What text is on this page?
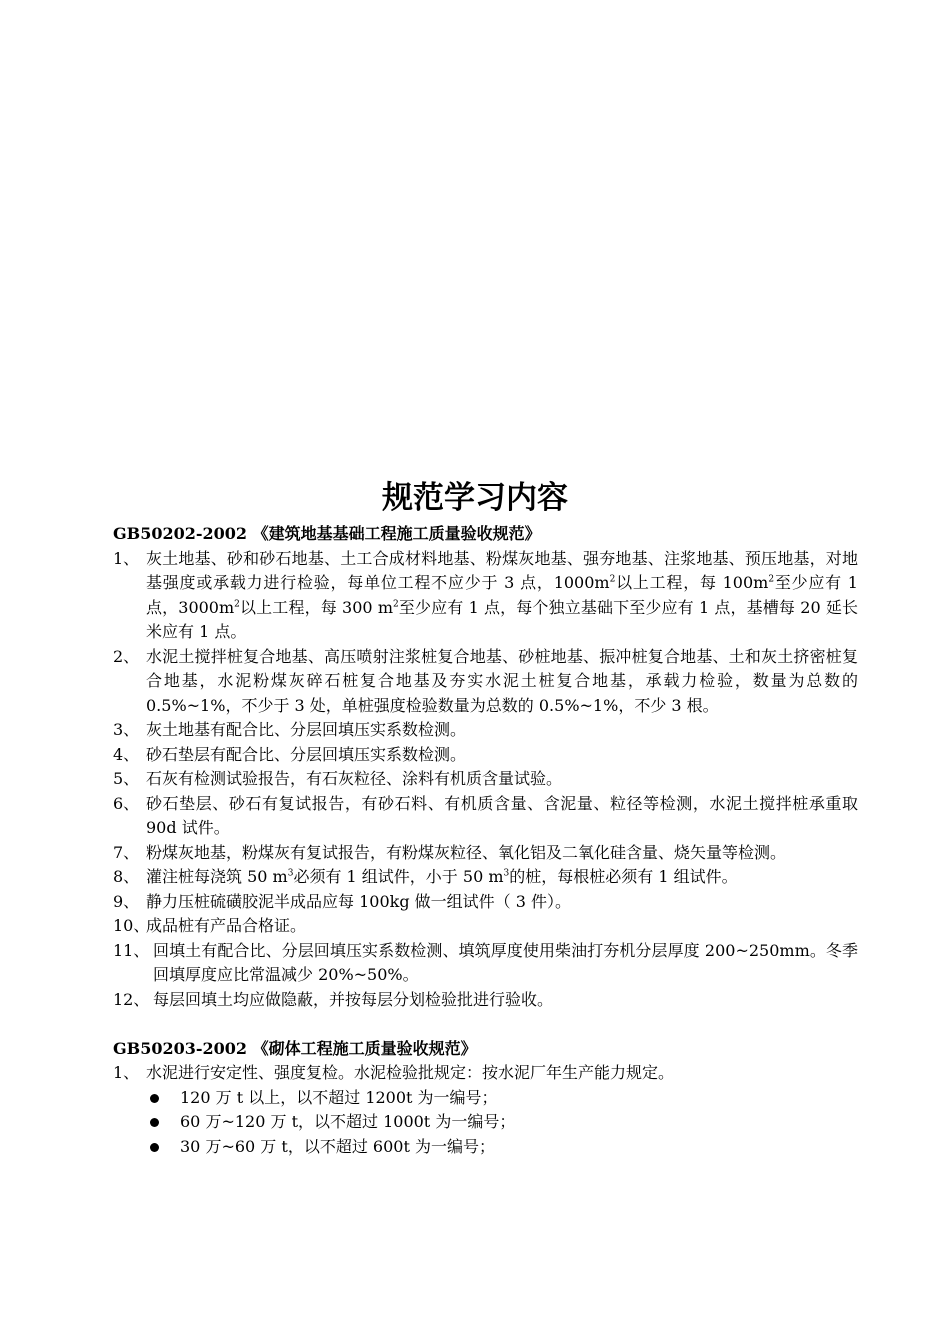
规范学习内容

GB50202-2002 《建筑地基基础工程施工质量验收规范》

1、 灰土地基、砂和砂石地基、土工合成材料地基、粉煤灰地基、强夯地基、注浆地基、预压地基，对地基强度或承载力进行检验，每单位工程不应少于 3 点，$1000m^2$以上工程，每 $100m^2$至少应有 1 点，$3000m^2$以上工程，每 300 $m^2$至少应有 1 点，每个独立基础下至少应有 1 点，基槽每 20 延长米应有 1 点。

2、 水泥土搅拌桩复合地基、高压喷射注浆桩复合地基、砂桩地基、振冲桩复合地基、土和灰土挤密桩复合地基，水泥粉煤灰碎石桩复合地基及夯实水泥土桩复合地基，承载力检验，数量为总数的 0.5%~1%，不少于 3 处，单桩强度检验数量为总数的 0.5%~1%，不少 3 根。

3、 灰土地基有配合比、分层回填压实系数检测。

4、 砂石垫层有配合比、分层回填压实系数检测。

5、 石灰有检测试验报告，有石灰粒径、涂料有机质含量试验。

6、 砂石垫层、砂石有复试报告，有砂石料、有机质含量、含泥量、粒径等检测，水泥土搅拌桩承重取 90d 试件。

7、 粉煤灰地基，粉煤灰有复试报告，有粉煤灰粒径、氧化铝及二氧化硅含量、烧矢量等检测。

8、 灌注桩每浇筑 50 $m^3$必须有 1 组试件，小于 50 $m^3$的桩，每根桩必须有 1 组试件。

9、 静力压桩硫磺胶泥半成品应每 100kg 做一组试件（ 3 件）。

10、
成品桩有产品合格证。

11、 回填土有配合比、分层回填压实系数检测、填筑厚度使用柴油打夯机分层厚度 200~250mm。冬季回填厚度应比常温减少 20%~50%。

12、 每层回填土均应做隐蔽，并按每层分划检验批进行验收。

GB50203-2002 《砌体工程施工质量验收规范》

1、 水泥进行安定性、强度复检。水泥检验批规定：按水泥厂年生产能力规定。

120 万 t 以上，以不超过 1200t 为一编号；

60 万~120 万 t，以不超过 1000t 为一编号；

30 万~60 万 t，以不超过 600t 为一编号；
